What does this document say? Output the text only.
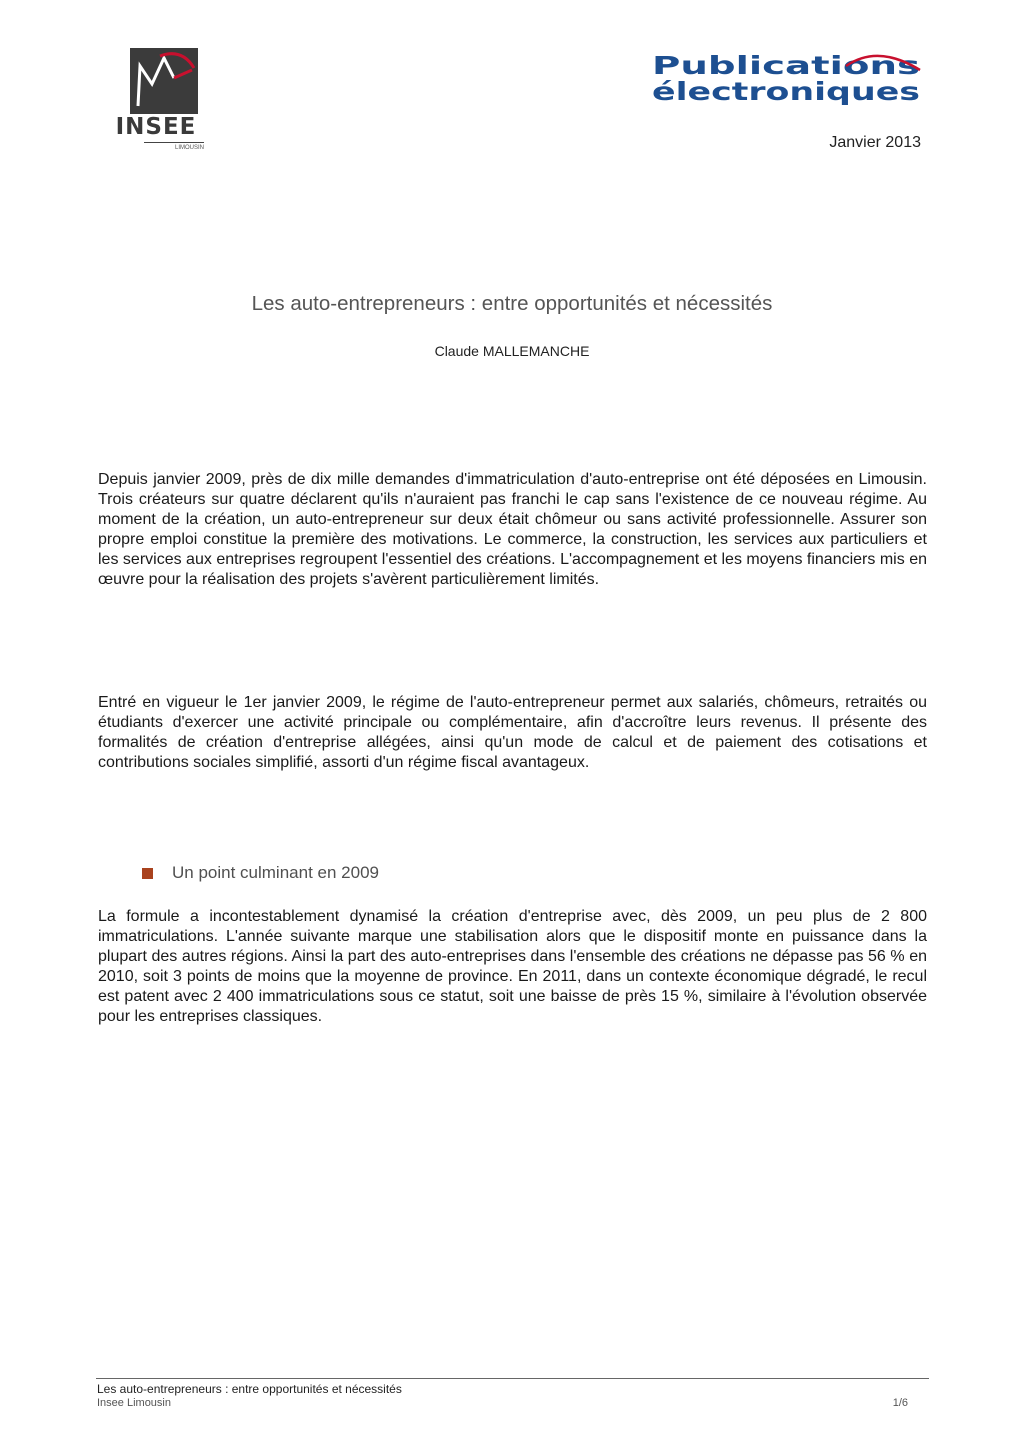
INSEE
LIMOUSIN
Publications
électroniques
Janvier 2013
Les auto-entrepreneurs : entre opportunités et nécessités
Claude MALLEMANCHE

Depuis janvier 2009, près de dix mille demandes d'immatriculation d'auto-entreprise ont été déposées en Limousin. Trois créateurs sur quatre déclarent qu'ils n'auraient pas franchi le cap sans l'existence de ce nouveau régime. Au moment de la création, un auto-entrepreneur sur deux était chômeur ou sans activité professionnelle. Assurer son propre emploi constitue la première des motivations. Le commerce, la construction, les services aux particuliers et les services aux entreprises regroupent l'essentiel des créations. L'accompagnement et les moyens financiers mis en œuvre pour la réalisation des projets s'avèrent particulièrement limités.

Entré en vigueur le 1er janvier 2009, le régime de l'auto-entrepreneur permet aux salariés, chômeurs, retraités ou étudiants d'exercer une activité principale ou complémentaire, afin d'accroître leurs revenus. Il présente des formalités de création d'entreprise allégées, ainsi qu'un mode de calcul et de paiement des cotisations et contributions sociales simplifié, assorti d'un régime fiscal avantageux.

Un point culminant en 2009

La formule a incontestablement dynamisé la création d'entreprise avec, dès 2009, un peu plus de 2 800 immatriculations. L'année suivante marque une stabilisation alors que le dispositif monte en puissance dans la plupart des autres régions. Ainsi la part des auto-entreprises dans l'ensemble des créations ne dépasse pas 56 % en 2010, soit 3 points de moins que la moyenne de province. En 2011, dans un contexte économique dégradé, le recul est patent avec 2 400 immatriculations sous ce statut, soit une baisse de près 15 %, similaire à l'évolution observée pour les entreprises classiques.

Les auto-entrepreneurs : entre opportunités et nécessités
Insee Limousin	1/6
